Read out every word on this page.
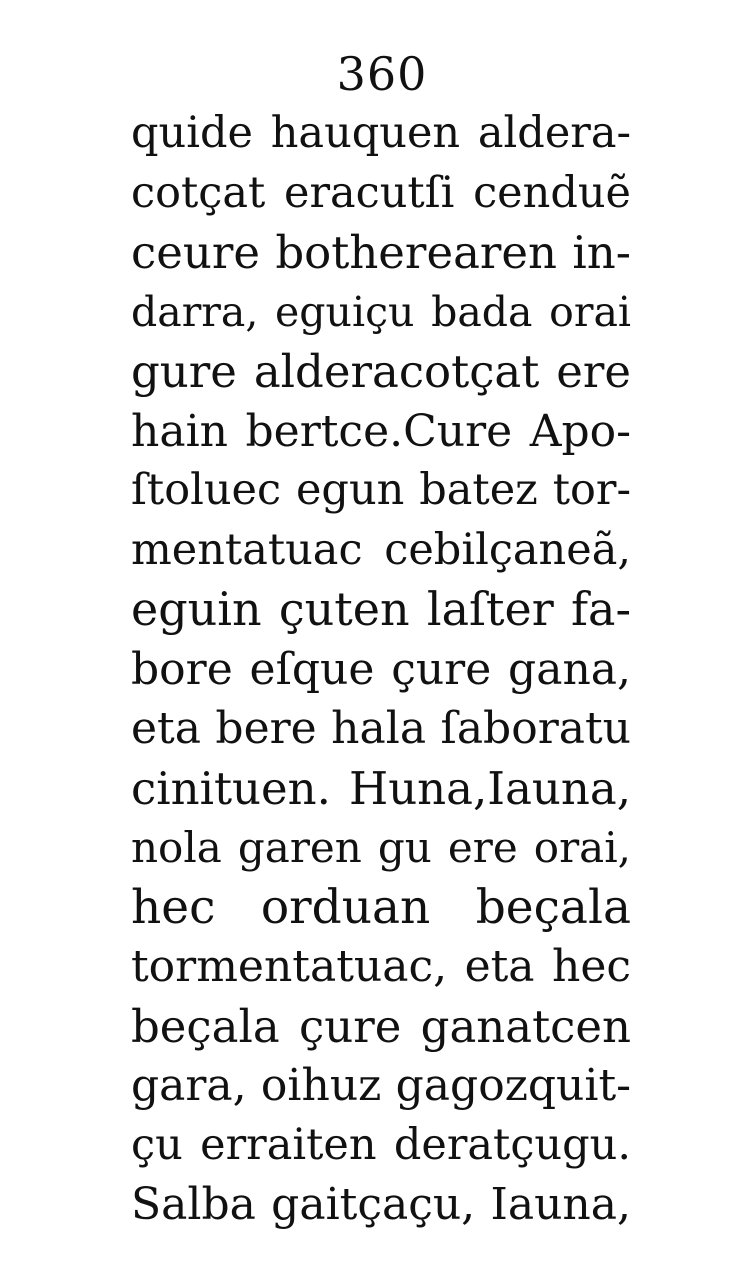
360
quide hauquen aldera-
cotçat eracutſi cenduẽ
ceure botherearen in-
darra, eguiçu bada orai
gure alderacotçat ere
hain bertce.Cure Apo-
ſtoluec egun batez tor-
mentatuac cebilçaneã,
eguin çuten laſter fa-
bore eſque çure gana,
eta bere hala ſaboratu
cinituen. Huna,Iauna,
nola garen gu ere orai,
hec orduan beçala
tormentatuac, eta hec
beçala çure ganatcen
gara, oihuz gagozquit-
çu erraiten deratçugu.
Salba gaitçaçu, Iauna,
